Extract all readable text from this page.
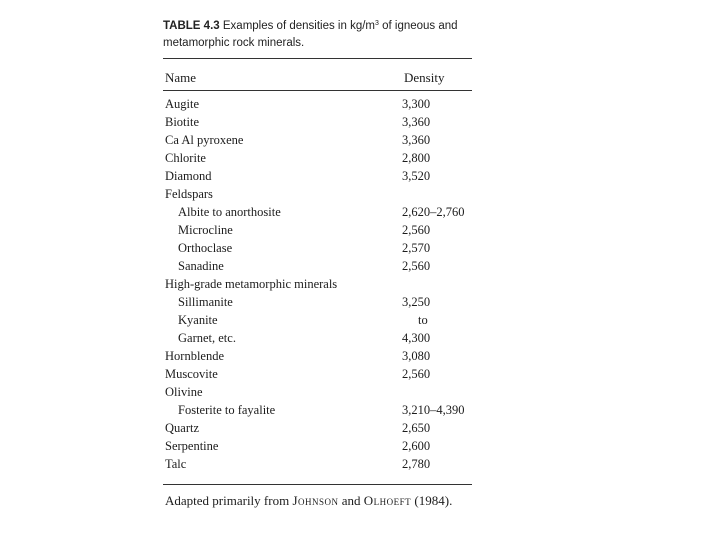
TABLE 4.3 Examples of densities in $kg/m^3$ of igneous and metamorphic rock minerals.
Name	Density
Augite	3,300
Biotite	3,360
Ca Al pyroxene	3,360
Chlorite	2,800
Diamond	3,520
Feldspars
Albite to anorthosite	2,620–2,760
Microcline	2,560
Orthoclase	2,570
Sanadine	2,560
High-grade metamorphic minerals
Sillimanite	3,250
Kyanite	to
Garnet, etc.	4,300
Hornblende	3,080
Muscovite	2,560
Olivine
Fosterite to fayalite	3,210–4,390
Quartz	2,650
Serpentine	2,600
Talc	2,780
Adapted primarily from Johnson and Olhoeft (1984).
